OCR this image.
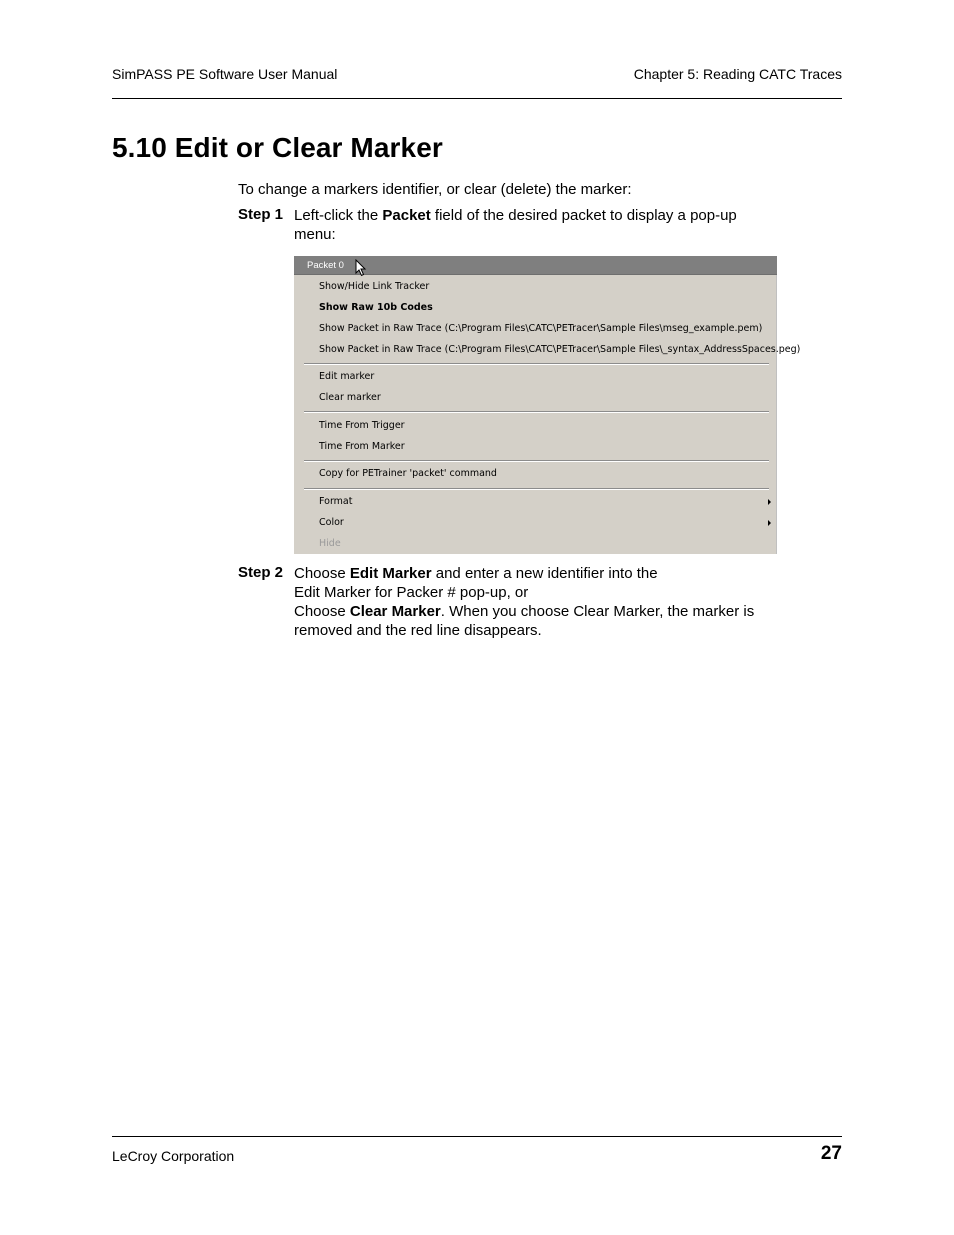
SimPASS PE Software User Manual	Chapter 5: Reading CATC Traces
5.10 Edit or Clear Marker
To change a markers identifier, or clear (delete) the marker:
Step 1 Left-click the Packet field of the desired packet to display a pop-up menu:
Packet 0
Show/Hide Link Tracker
Show Raw 10b Codes
Show Packet in Raw Trace (C:\Program Files\CATC\PETracer\Sample Files\mseg_example.pem)
Show Packet in Raw Trace (C:\Program Files\CATC\PETracer\Sample Files\_syntax_AddressSpaces.peg)
Edit marker
Clear marker
Time From Trigger
Time From Marker
Copy for PETrainer 'packet' command
Format
Color
Hide
Step 2 Choose Edit Marker and enter a new identifier into the
Edit Marker for Packer # pop-up, or
Choose Clear Marker. When you choose Clear Marker, the marker is
removed and the red line disappears.
LeCroy Corporation	27
